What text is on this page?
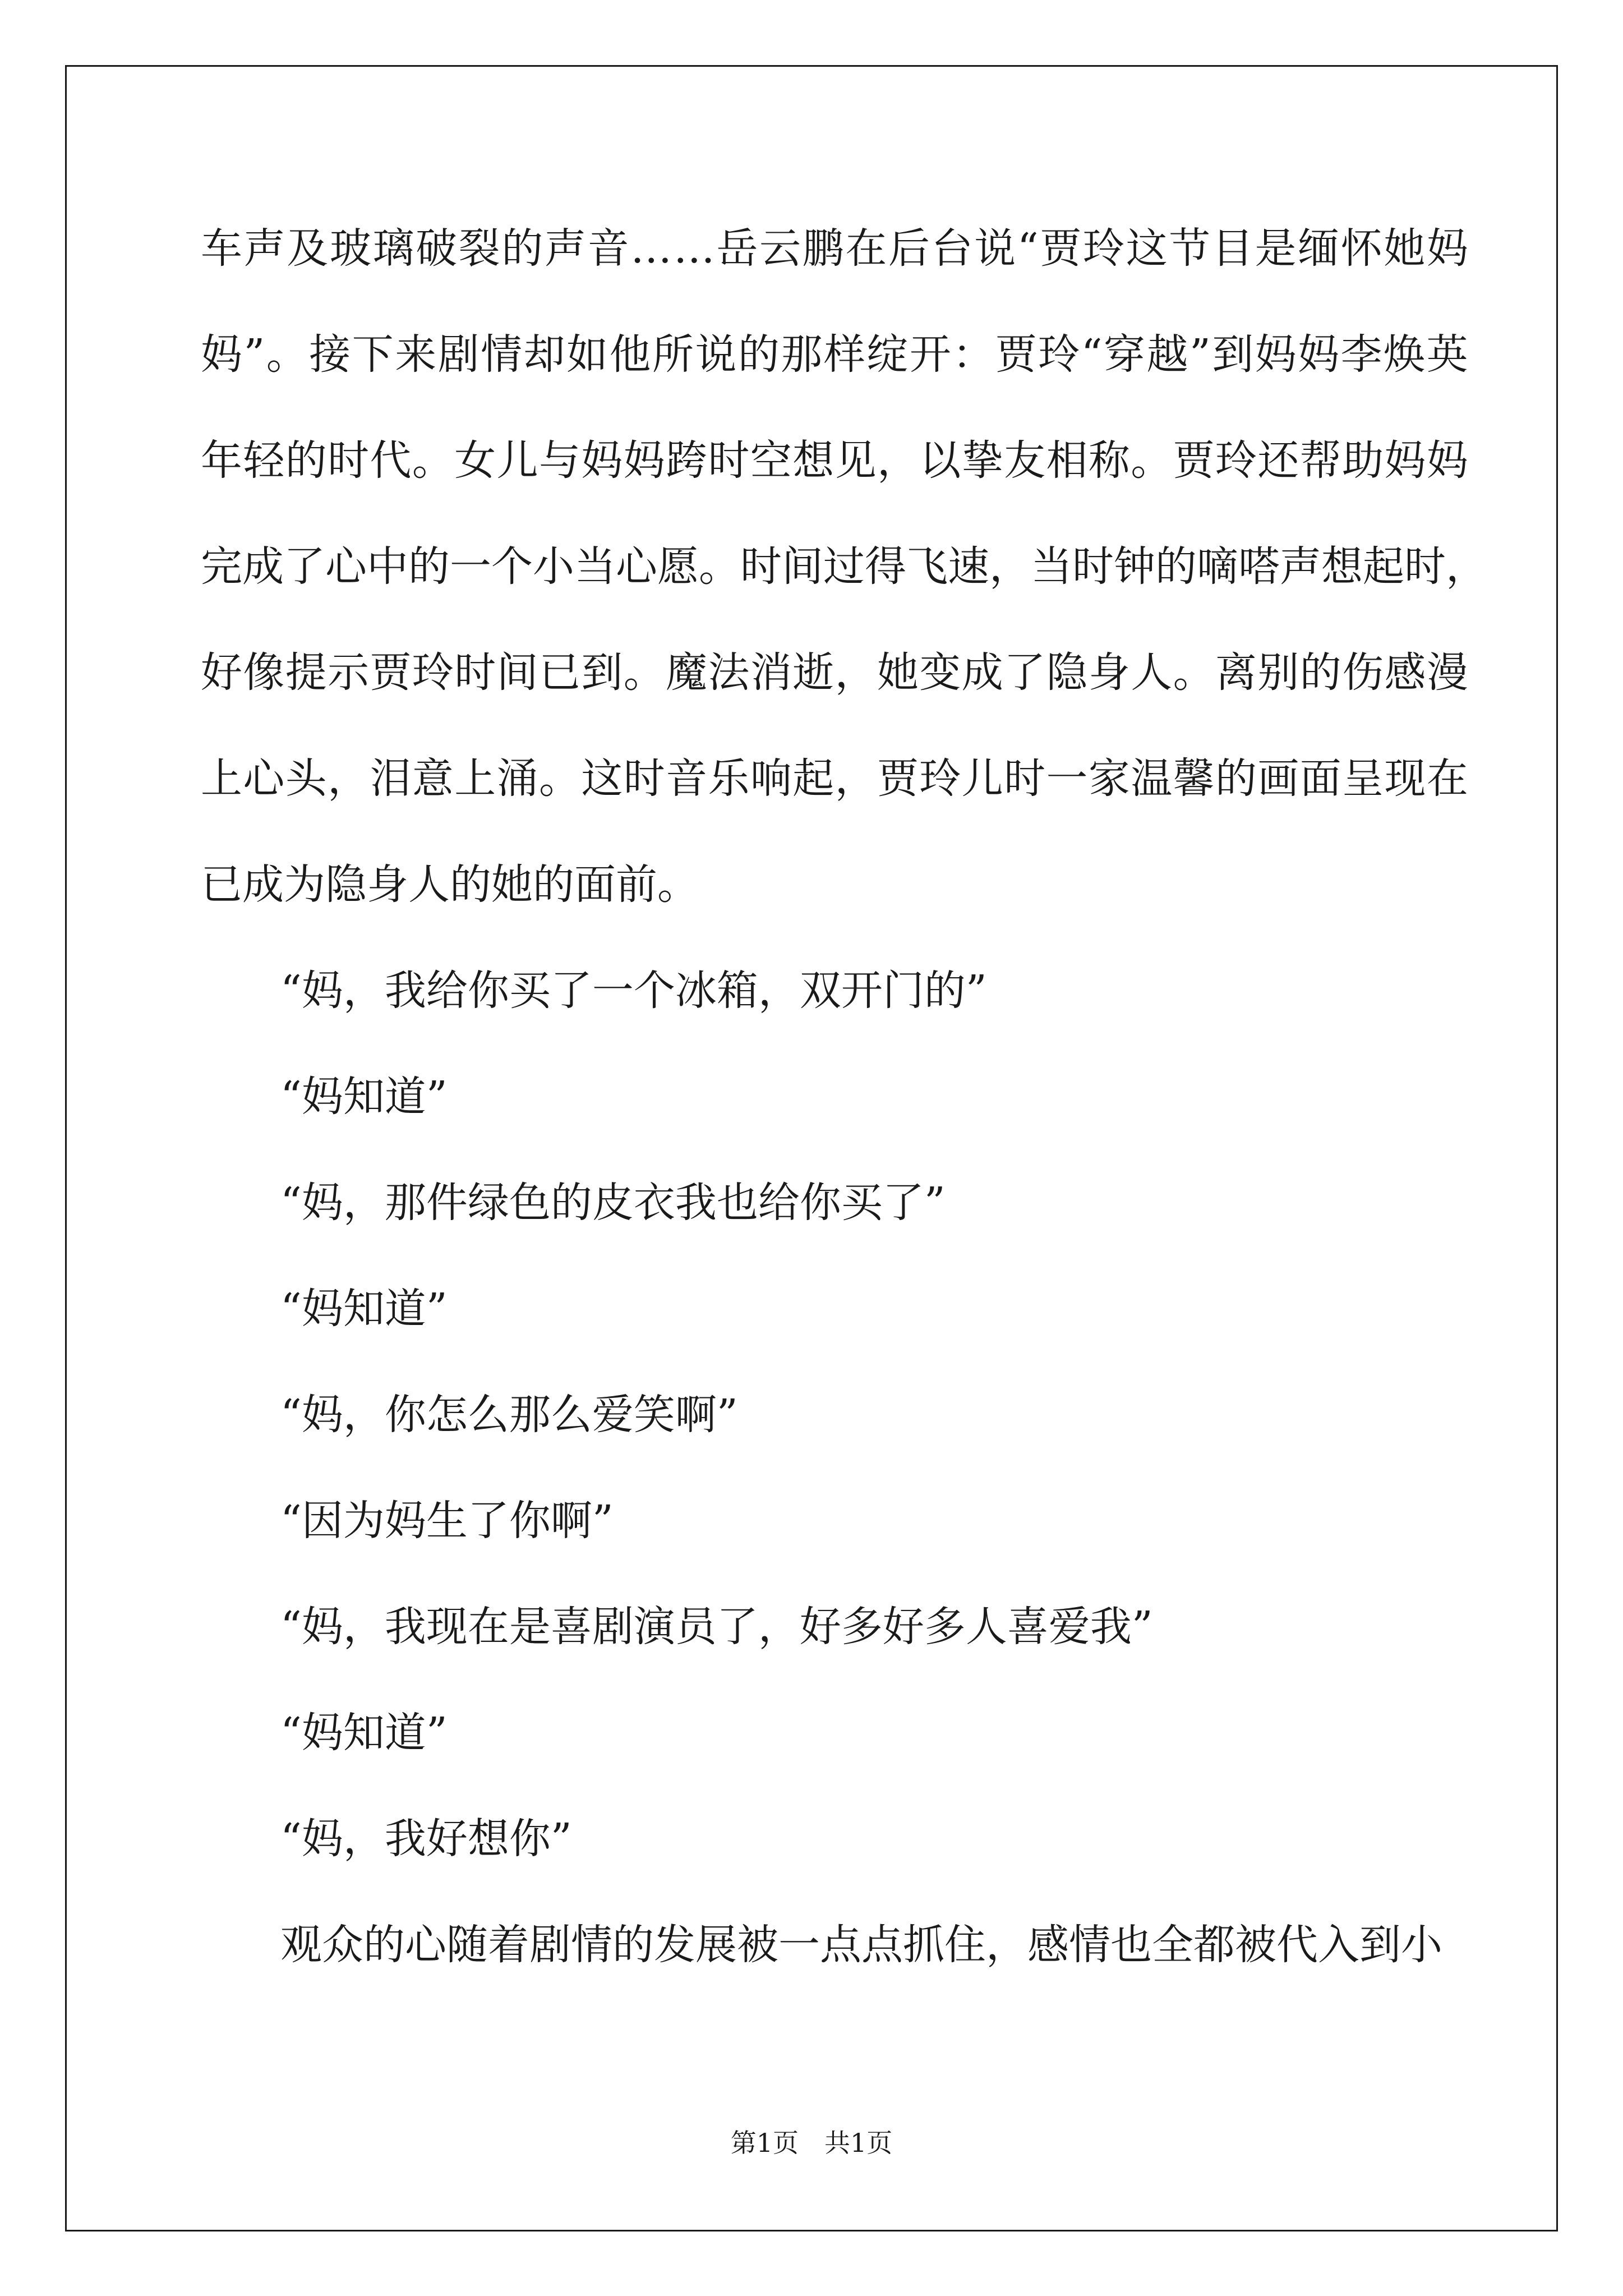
车 声 及 玻 璃 破 裂 的 声 音 … … 岳 云 鹏 在 后 台 说 “ 贾 玲 这 节 目 是 缅 怀 她 妈
妈 ” 。 接 下 来 剧 情 却 如 他 所 说 的 那 样 绽 开 ： 贾 玲 “ 穿 越 ” 到 妈 妈 李 焕 英
年 轻 的 时 代 。 女 儿 与 妈 妈 跨 时 空 想 见 ， 以 挚 友 相 称 。 贾 玲 还 帮 助 妈 妈
完 成 了 心 中 的 一 个 小 当 心 愿 。 时 间 过 得 飞 速 ， 当 时 钟 的 嘀 嗒 声 想 起 时 ，
好 像 提 示 贾 玲 时 间 已 到 。 魔 法 消 逝 ， 她 变 成 了 隐 身 人 。 离 别 的 伤 感 漫
上 心 头 ， 泪 意 上 涌 。 这 时 音 乐 响 起 ， 贾 玲 儿 时 一 家 温 馨 的 画 面 呈 现 在
已成为隐身人的她的面前。
“妈，我给你买了一个冰箱，双开门的”
“妈知道”
“妈，那件绿色的皮衣我也给你买了”
“妈知道”
“妈，你怎么那么爱笑啊”
“因为妈生了你啊”
“妈，我现在是喜剧演员了，好多好多人喜爱我”
“妈知道”
“妈，我好想你”
观众的心随着剧情的发展被一点点抓住，感情也全都被代入到小
第1页　共1页
